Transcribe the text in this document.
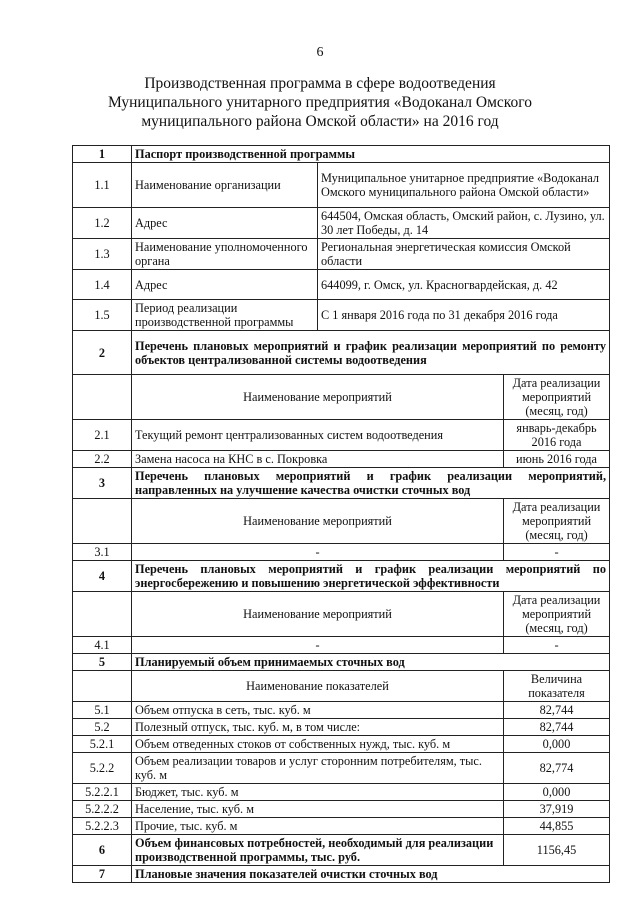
6
Производственная программа в сфере водоотведения Муниципального унитарного предприятия «Водоканал Омского муниципального района Омской области» на 2016 год
1	Паспорт производственной программы		
1.1	Наименование организации	Муниципальное унитарное предприятие «Водоканал Омского муниципального района Омской области»	
1.2	Адрес	644504, Омская область, Омский район, с. Лузино, ул. 30 лет Победы, д. 14	
1.3	Наименование уполномоченного органа	Региональная энергетическая комиссия Омской области	
1.4	Адрес	644099, г. Омск, ул. Красногвардейская, д. 42	
1.5	Период реализации производственной программы	С 1 января 2016 года по 31 декабря 2016 года	
2	Перечень плановых мероприятий и график реализации мероприятий по ремонту объектов централизованной системы водоотведения		
	Наименование мероприятий		Дата реализации мероприятий (месяц, год)
2.1	Текущий ремонт централизованных систем водоотведения		январь-декабрь 2016 года
2.2	Замена насоса на КНС в с. Покровка		июнь 2016 года
3	Перечень плановых мероприятий и график реализации мероприятий, направленных на улучшение качества очистки сточных вод		
	Наименование мероприятий		Дата реализации мероприятий (месяц, год)
3.1	-		-
4	Перечень плановых мероприятий и график реализации мероприятий по энергосбережению и повышению энергетической эффективности		
	Наименование мероприятий		Дата реализации мероприятий (месяц, год)
4.1	-		-
5	Планируемый объем принимаемых сточных вод		
	Наименование показателей		Величина показателя
5.1	Объем отпуска в сеть, тыс. куб. м		82,744
5.2	Полезный отпуск, тыс. куб. м, в том числе:		82,744
5.2.1	Объем отведенных стоков от собственных нужд, тыс. куб. м		0,000
5.2.2	Объем реализации товаров и услуг сторонним потребителям, тыс. куб. м		82,774
5.2.2.1	Бюджет, тыс. куб. м		0,000
5.2.2.2	Население, тыс. куб. м		37,919
5.2.2.3	Прочие, тыс. куб. м		44,855
6	Объем финансовых потребностей, необходимый для реализации производственной программы, тыс. руб.		1156,45
7	Плановые значения показателей очистки сточных вод		
